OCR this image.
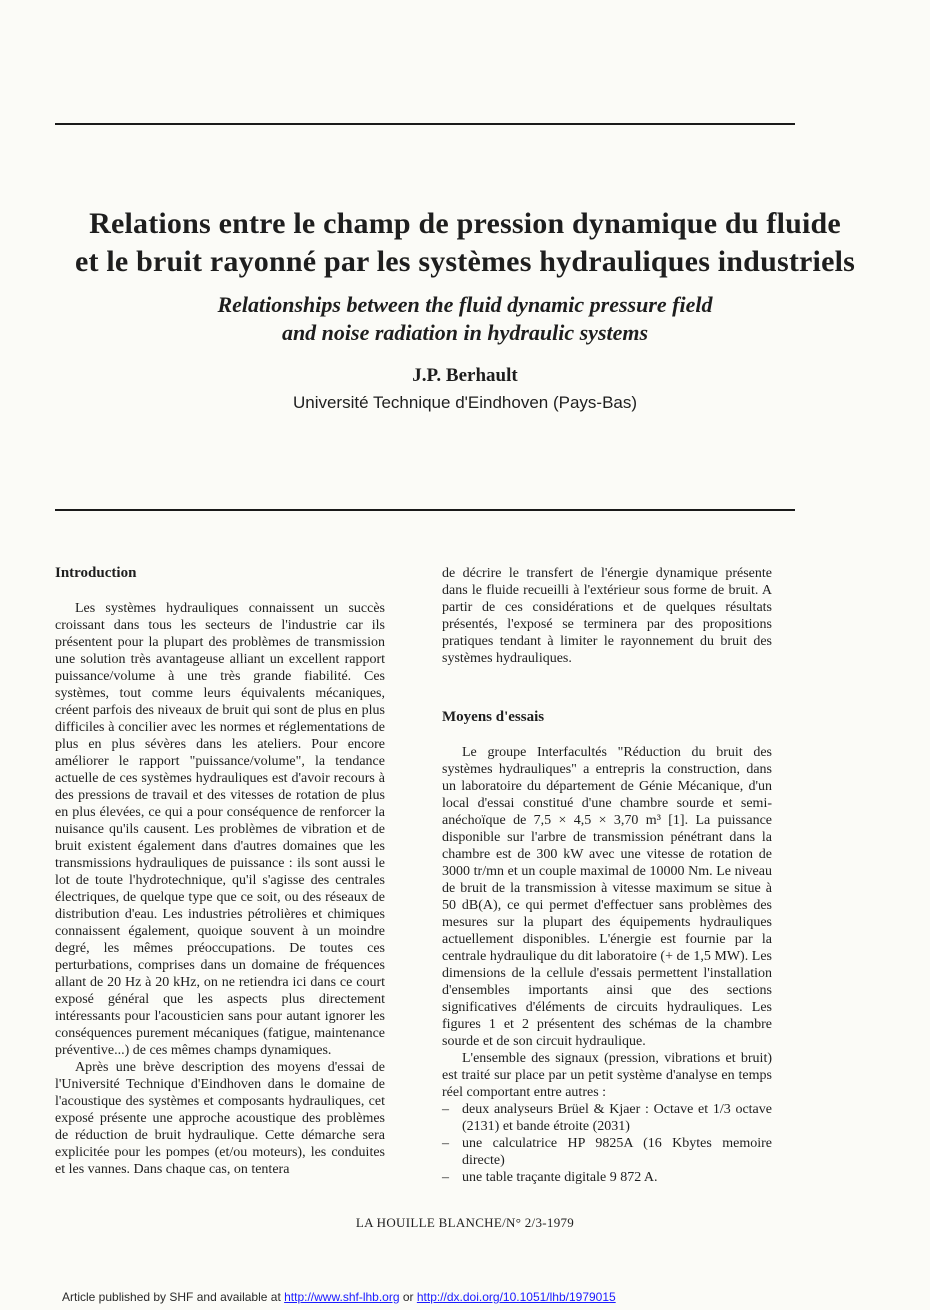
Relations entre le champ de pression dynamique du fluide
et le bruit rayonné par les systèmes hydrauliques industriels
Relationships between the fluid dynamic pressure field
and noise radiation in hydraulic systems
J.P. Berhault
Université Technique d'Eindhoven (Pays-Bas)
Introduction

Les systèmes hydrauliques connaissent un succès croissant dans tous les secteurs de l'industrie car ils présentent pour la plupart des problèmes de transmission une solution très avantageuse alliant un excellent rapport puissance/volume à une très grande fiabilité. Ces systèmes, tout comme leurs équivalents mécaniques, créent parfois des niveaux de bruit qui sont de plus en plus difficiles à concilier avec les normes et réglementations de plus en plus sévères dans les ateliers. Pour encore améliorer le rapport "puissance/volume", la tendance actuelle de ces systèmes hydrauliques est d'avoir recours à des pressions de travail et des vitesses de rotation de plus en plus élevées, ce qui a pour conséquence de renforcer la nuisance qu'ils causent. Les problèmes de vibration et de bruit existent également dans d'autres domaines que les transmissions hydrauliques de puissance : ils sont aussi le lot de toute l'hydrotechnique, qu'il s'agisse des centrales électriques, de quelque type que ce soit, ou des réseaux de distribution d'eau. Les industries pétrolières et chimiques connaissent également, quoique souvent à un moindre degré, les mêmes préoccupations. De toutes ces perturbations, comprises dans un domaine de fréquences allant de 20 Hz à 20 kHz, on ne retiendra ici dans ce court exposé général que les aspects plus directement intéressants pour l'acousticien sans pour autant ignorer les conséquences purement mécaniques (fatigue, maintenance préventive...) de ces mêmes champs dynamiques.

Après une brève description des moyens d'essai de l'Université Technique d'Eindhoven dans le domaine de l'acoustique des systèmes et composants hydrauliques, cet exposé présente une approche acoustique des problèmes de réduction de bruit hydraulique. Cette démarche sera explicitée pour les pompes (et/ou moteurs), les conduites et les vannes. Dans chaque cas, on tentera

de décrire le transfert de l'énergie dynamique présente dans le fluide recueilli à l'extérieur sous forme de bruit. A partir de ces considérations et de quelques résultats présentés, l'exposé se terminera par des propositions pratiques tendant à limiter le rayonnement du bruit des systèmes hydrauliques.

Moyens d'essais

Le groupe Interfacultés "Réduction du bruit des systèmes hydrauliques" a entrepris la construction, dans un laboratoire du département de Génie Mécanique, d'un local d'essai constitué d'une chambre sourde et semi-anéchoïque de 7,5 × 4,5 × 3,70 m³ [1]. La puissance disponible sur l'arbre de transmission pénétrant dans la chambre est de 300 kW avec une vitesse de rotation de 3000 tr/mn et un couple maximal de 10000 Nm. Le niveau de bruit de la transmission à vitesse maximum se situe à 50 dB(A), ce qui permet d'effectuer sans problèmes des mesures sur la plupart des équipements hydrauliques actuellement disponibles. L'énergie est fournie par la centrale hydraulique du dit laboratoire (+ de 1,5 MW). Les dimensions de la cellule d'essais permettent l'installation d'ensembles importants ainsi que des sections significatives d'éléments de circuits hydrauliques. Les figures 1 et 2 présentent des schémas de la chambre sourde et de son circuit hydraulique.

L'ensemble des signaux (pression, vibrations et bruit) est traité sur place par un petit système d'analyse en temps réel comportant entre autres :

– deux analyseurs Brüel & Kjaer : Octave et 1/3 octave (2131) et bande étroite (2031)
– une calculatrice HP 9825A (16 Kbytes memoire directe)
– une table traçante digitale 9 872 A.
LA HOUILLE BLANCHE/N° 2/3-1979
Article published by SHF and available at http://www.shf-lhb.org or http://dx.doi.org/10.1051/lhb/1979015
